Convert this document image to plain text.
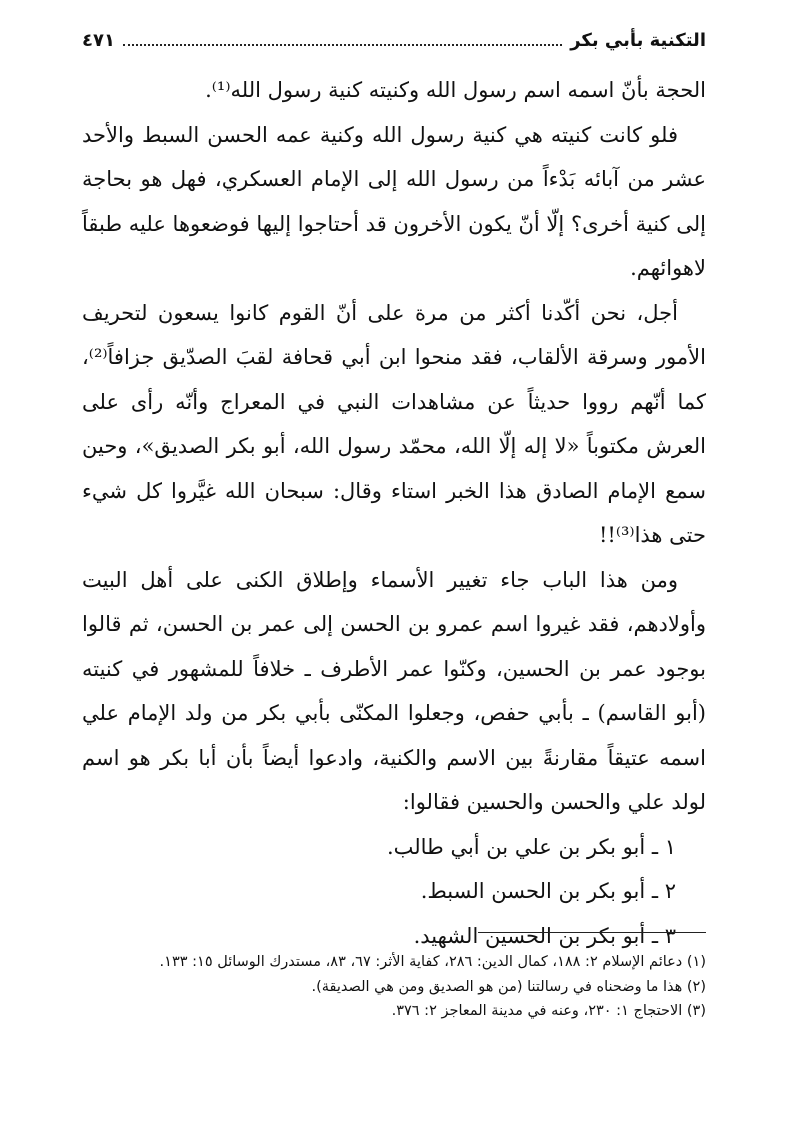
التكنية بأبي بكر
٤٧١

الحجة بأنّ اسمه اسم رسول الله وكنيته كنية رسول الله⁽¹⁾.

فلو كانت كنيته هي كنية رسول الله وكنية عمه الحسن السبط والأحد عشر من آبائه بَدْءاً من رسول الله إلى الإمام العسكري، فهل هو بحاجة إلى كنية أخرى؟ إلّا أنّ يكون الأخرون قد أحتاجوا إليها فوضعوها عليه طبقاً لاهوائهم.

أجل، نحن أكّدنا أكثر من مرة على أنّ القوم كانوا يسعون لتحريف الأمور وسرقة الألقاب، فقد منحوا ابن أبي قحافة لقبَ الصدّيق جزافاً⁽²⁾، كما أنّهم رووا حديثاً عن مشاهدات النبي في المعراج وأنّه رأى على العرش مكتوباً «لا إله إلّا الله، محمّد رسول الله، أبو بكر الصديق»، وحين سمع الإمام الصادق هذا الخبر استاء وقال: سبحان الله غيَّروا كل شيء حتى هذا⁽³⁾!!

ومن هذا الباب جاء تغيير الأسماء وإطلاق الكنى على أهل البيت وأولادهم، فقد غيروا اسم عمرو بن الحسن إلى عمر بن الحسن، ثم قالوا بوجود عمر بن الحسين، وكنّوا عمر الأطرف ـ خلافاً للمشهور في كنيته (أبو القاسم) ـ بأبي حفص، وجعلوا المكنّى بأبي بكر من ولد الإمام علي اسمه عتيقاً مقارنةً بين الاسم والكنية، وادعوا أيضاً بأن أبا بكر هو اسم لولد علي والحسن والحسين فقالوا:

١ ـ أبو بكر بن علي بن أبي طالب.
٢ ـ أبو بكر بن الحسن السبط.
٣ ـ أبو بكر بن الحسين الشهيد.
(١) دعائم الإسلام ٢: ١٨٨، كمال الدين: ٢٨٦، كفاية الأثر: ٦٧، ٨٣، مستدرك الوسائل ١٥: ١٣٣.
(٢) هذا ما وضحناه في رسالتنا (من هو الصديق ومن هي الصديقة).
(٣) الاحتجاج ١: ٢٣٠، وعنه في مدينة المعاجز ٢: ٣٧٦.
